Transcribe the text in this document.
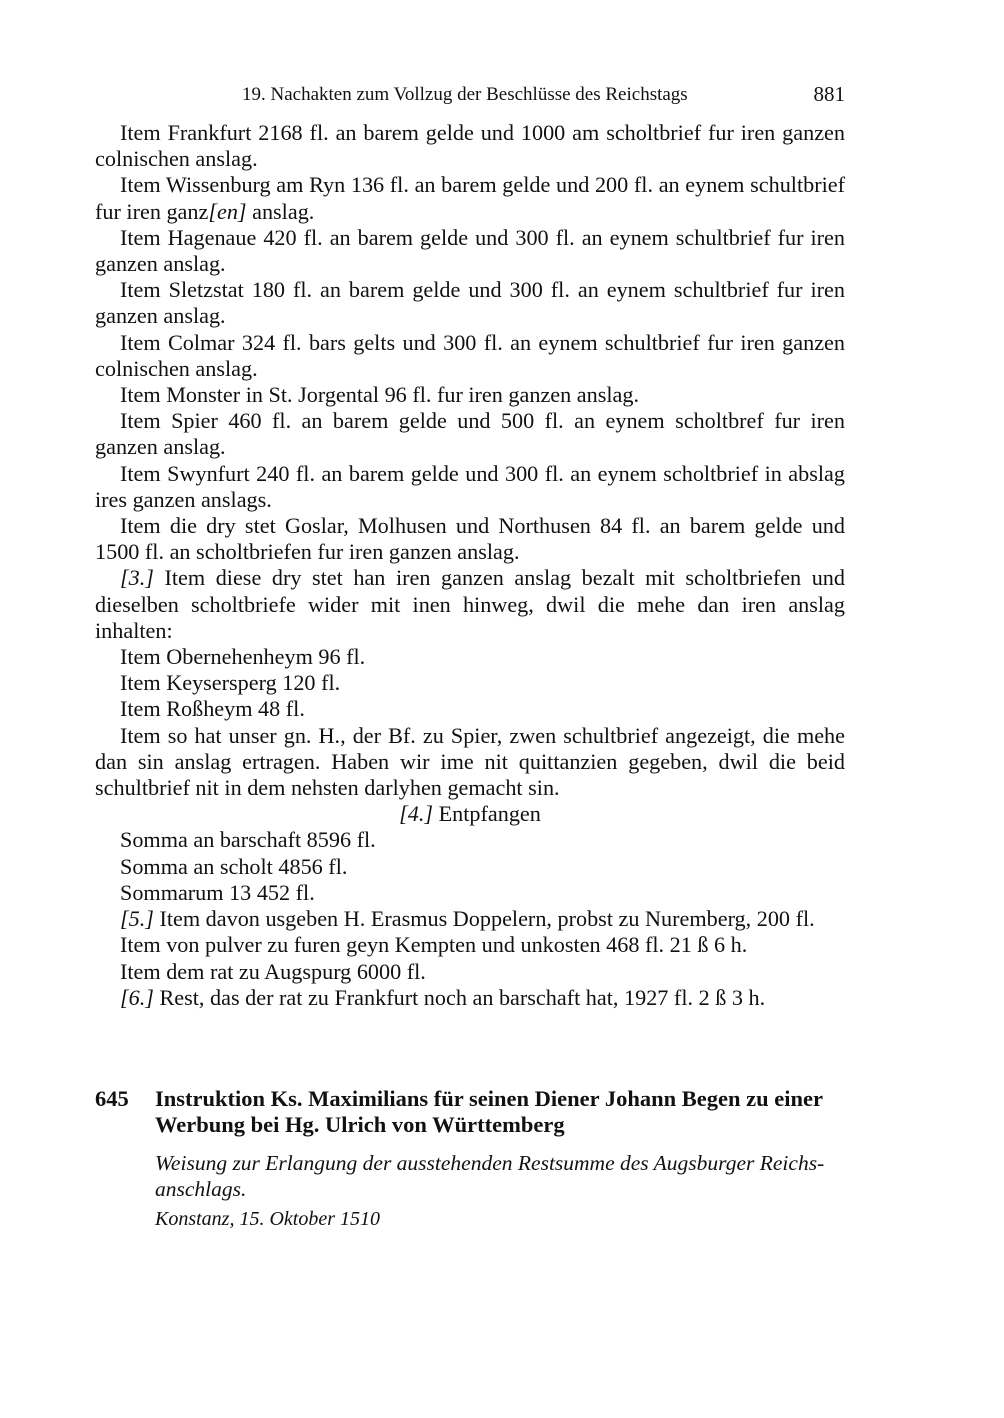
19. Nachakten zum Vollzug der Beschlüsse des Reichstags	881

Item Frankfurt 2168 fl. an barem gelde und 1000 am scholtbrief fur iren ganzen colnischen anslag.

Item Wissenburg am Ryn 136 fl. an barem gelde und 200 fl. an eynem schultbrief fur iren ganz[en] anslag.

Item Hagenaue 420 fl. an barem gelde und 300 fl. an eynem schultbrief fur iren ganzen anslag.

Item Sletzstat 180 fl. an barem gelde und 300 fl. an eynem schultbrief fur iren ganzen anslag.

Item Colmar 324 fl. bars gelts und 300 fl. an eynem schultbrief fur iren ganzen colnischen anslag.

Item Monster in St. Jorgental 96 fl. fur iren ganzen anslag.

Item Spier 460 fl. an barem gelde und 500 fl. an eynem scholtbref fur iren ganzen anslag.

Item Swynfurt 240 fl. an barem gelde und 300 fl. an eynem scholtbrief in abslag ires ganzen anslags.

Item die dry stet Goslar, Molhusen und Northusen 84 fl. an barem gelde und 1500 fl. an scholtbriefen fur iren ganzen anslag.

[3.] Item diese dry stet han iren ganzen anslag bezalt mit scholtbriefen und dieselben scholtbriefe wider mit inen hinweg, dwil die mehe dan iren anslag inhalten:

Item Obernehenheym 96 fl.

Item Keysersperg 120 fl.

Item Roßheym 48 fl.

Item so hat unser gn. H., der Bf. zu Spier, zwen schultbrief angezeigt, die mehe dan sin anslag ertragen. Haben wir ime nit quittanzien gegeben, dwil die beid schultbrief nit in dem nehsten darlyhen gemacht sin.

[4.] Entpfangen

Somma an barschaft 8596 fl.

Somma an scholt 4856 fl.

Sommarum 13 452 fl.

[5.] Item davon usgeben H. Erasmus Doppelern, probst zu Nuremberg, 200 fl.

Item von pulver zu furen geyn Kempten und unkosten 468 fl. 21 ß 6 h.

Item dem rat zu Augspurg 6000 fl.

[6.] Rest, das der rat zu Frankfurt noch an barschaft hat, 1927 fl. 2 ß 3 h.

645 Instruktion Ks. Maximilians für seinen Diener Johann Begen zu einer Werbung bei Hg. Ulrich von Württemberg
Weisung zur Erlangung der ausstehenden Restsumme des Augsburger Reichs-anschlags.
Konstanz, 15. Oktober 1510
